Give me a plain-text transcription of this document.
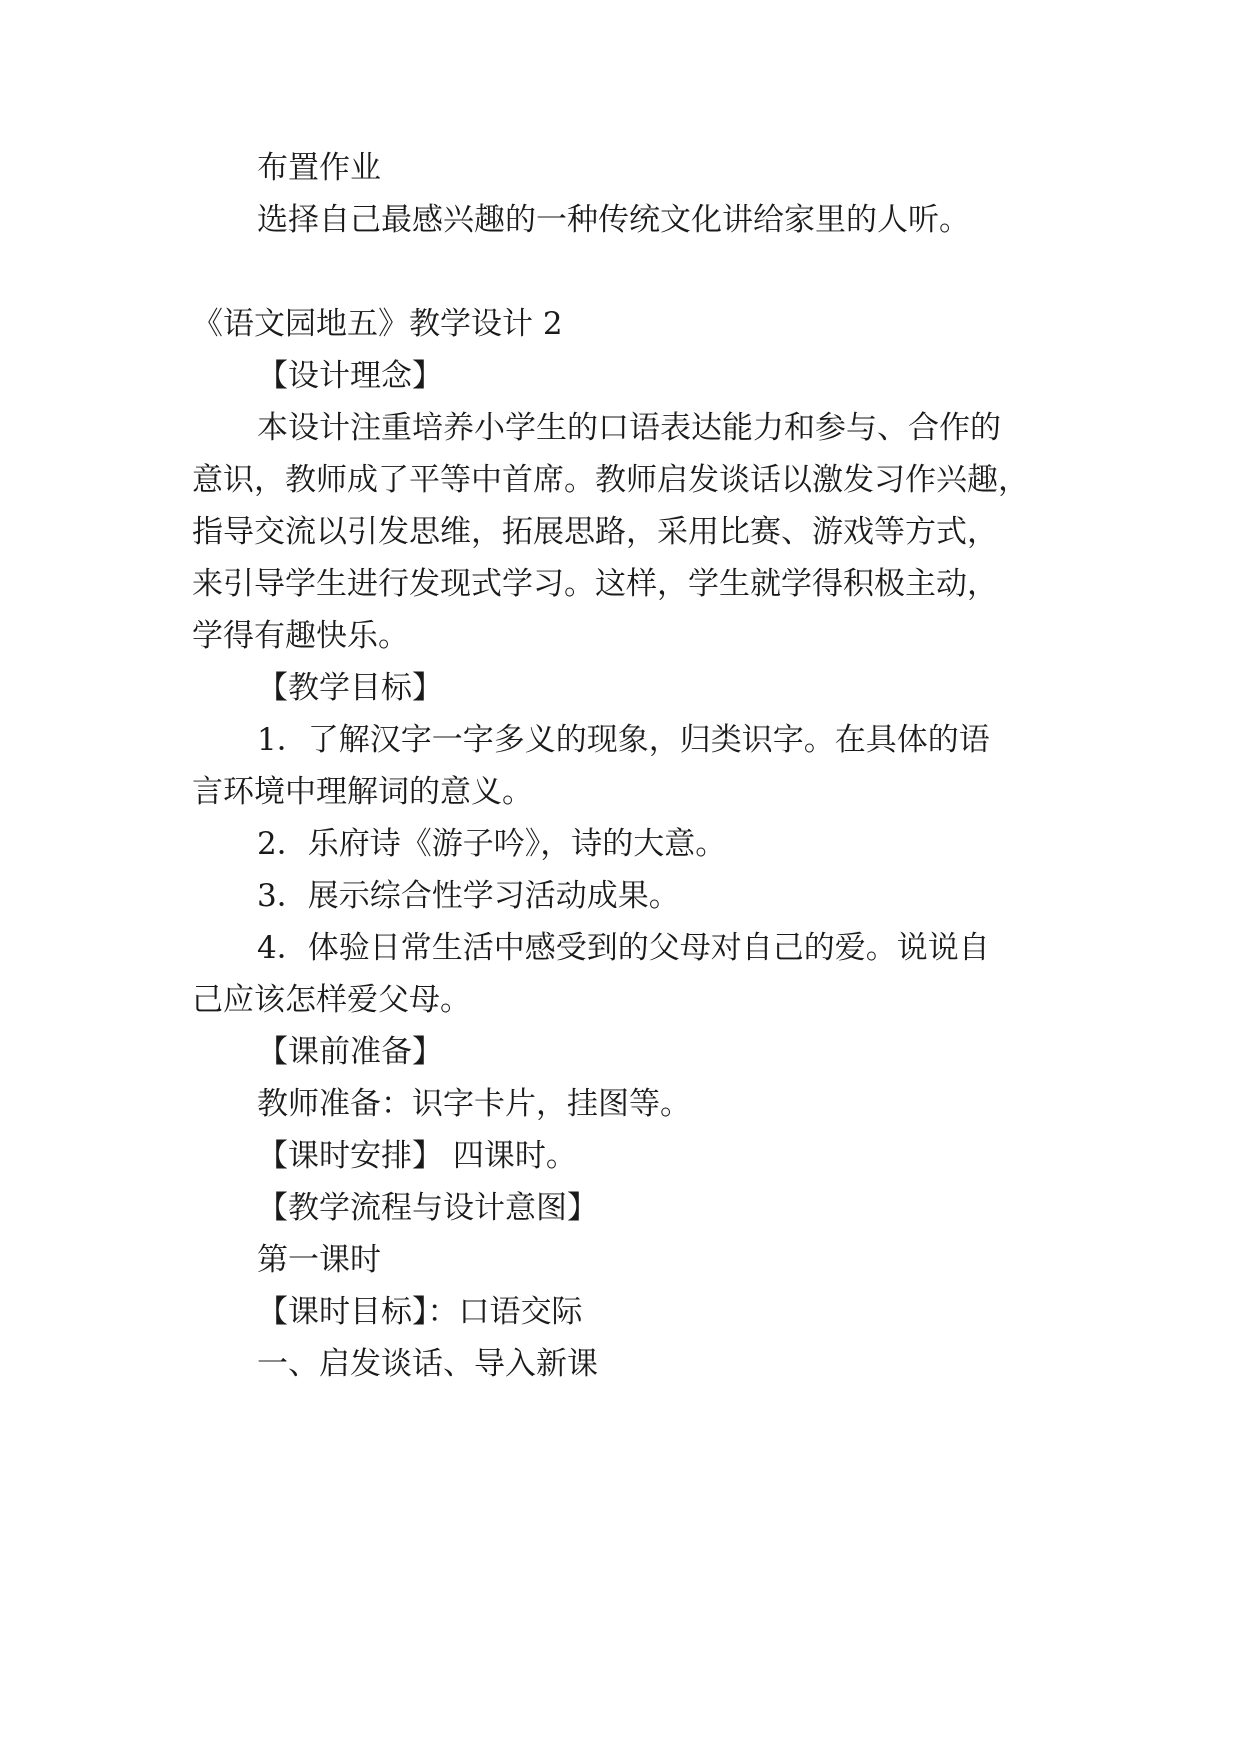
布置作业
选择自己最感兴趣的一种传统文化讲给家里的人听。
《语文园地五》教学设计 2
【设计理念】
本设计注重培养小学生的口语表达能力和参与、合作的
意识，教师成了平等中首席。教师启发谈话以激发习作兴趣，
指导交流以引发思维，拓展思路，采用比赛、游戏等方式，
来引导学生进行发现式学习。这样，学生就学得积极主动，
学得有趣快乐。
【教学目标】
1．了解汉字一字多义的现象，归类识字。在具体的语
言环境中理解词的意义。
2．乐府诗《游子吟》，诗的大意。
3．展示综合性学习活动成果。
4．体验日常生活中感受到的父母对自己的爱。说说自
己应该怎样爱父母。
【课前准备】
教师准备：识字卡片，挂图等。
【课时安排】 四课时。
【教学流程与设计意图】
第一课时
【课时目标】：口语交际
一、启发谈话、导入新课
